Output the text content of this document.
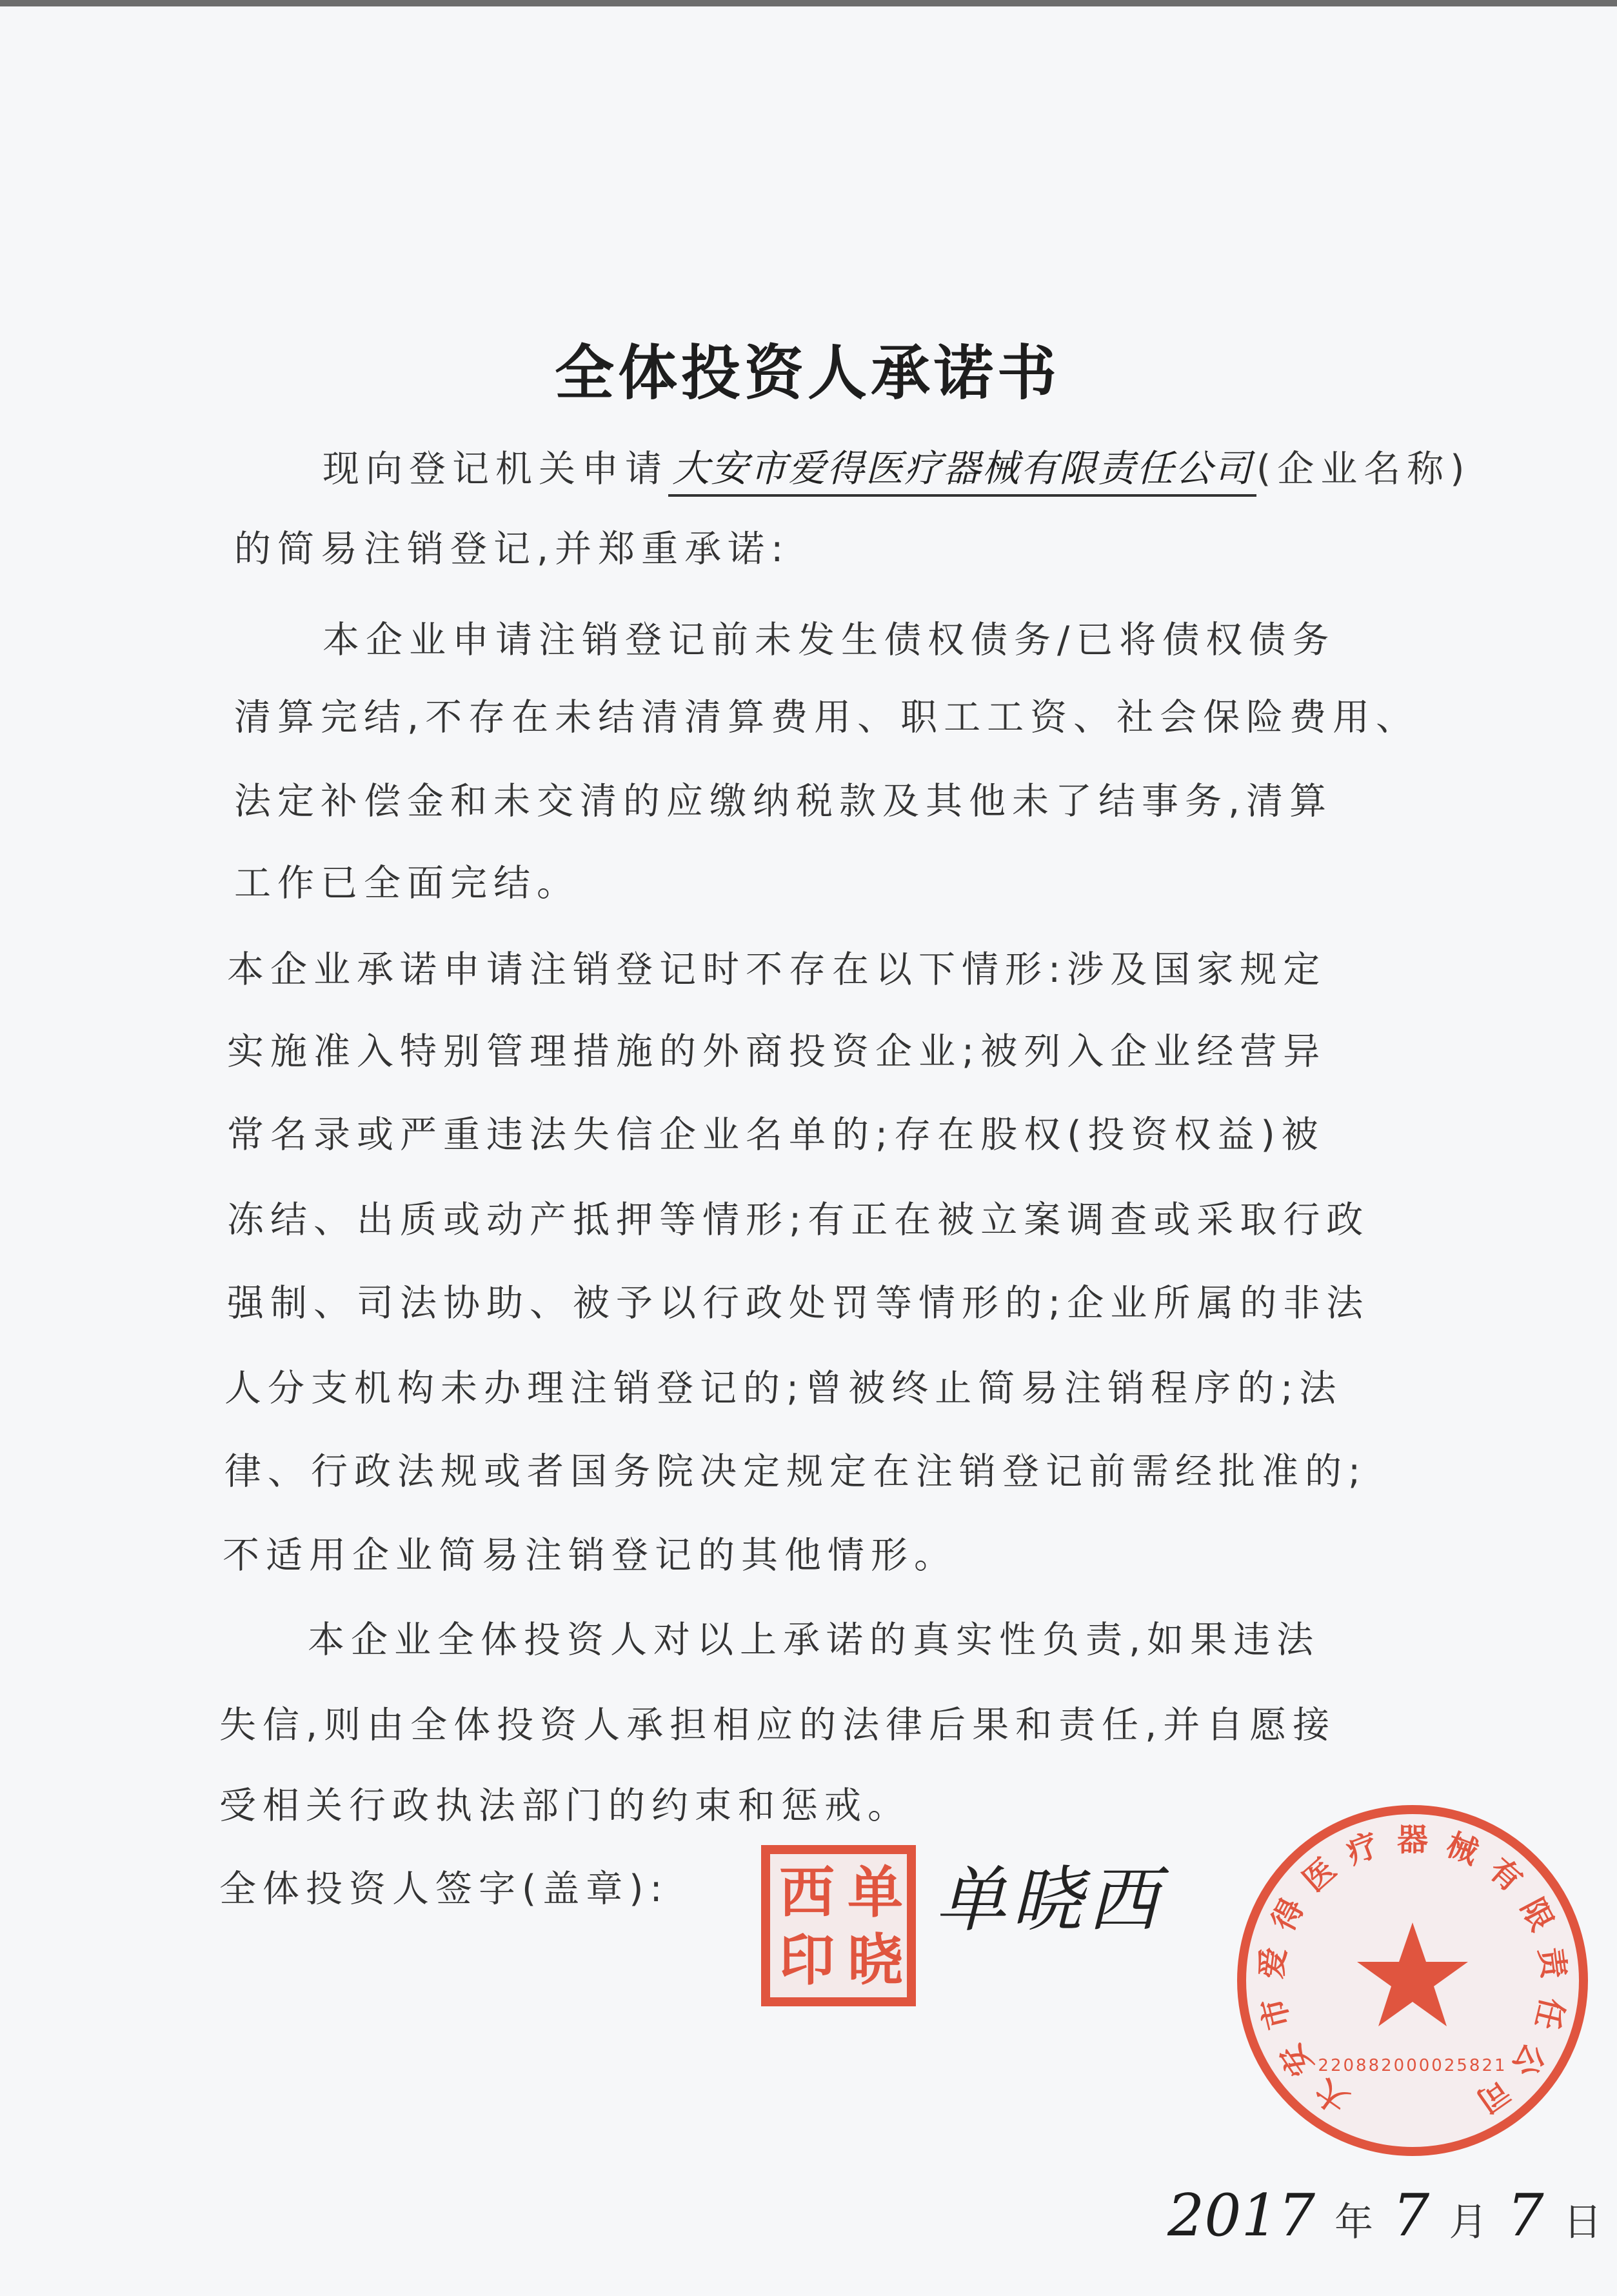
全体投资人承诺书
现向登记机关申请 大安市爱得医疗器械有限责任公司 (企业名称)
的简易注销登记,并郑重承诺:
本企业申请注销登记前未发生债权债务/已将债权债务
清算完结,不存在未结清清算费用、职工工资、社会保险费用、
法定补偿金和未交清的应缴纳税款及其他未了结事务,清算
工作已全面完结。
本企业承诺申请注销登记时不存在以下情形:涉及国家规定
实施准入特别管理措施的外商投资企业;被列入企业经营异
常名录或严重违法失信企业名单的;存在股权(投资权益)被
冻结、出质或动产抵押等情形;有正在被立案调查或采取行政
强制、司法协助、被予以行政处罚等情形的;企业所属的非法
人分支机构未办理注销登记的;曾被终止简易注销程序的;法
律、行政法规或者国务院决定规定在注销登记前需经批准的;
不适用企业简易注销登记的其他情形。
本企业全体投资人对以上承诺的真实性负责,如果违法
失信,则由全体投资人承担相应的法律后果和责任,并自愿接
受相关行政执法部门的约束和惩戒。
全体投资人签字(盖章):	单
晓
西
印
单晓西
大
安
市
爱
得
医
疗 器 械
有
限
责
任
公
司
220882000025821
2017 年 7 月 7 日
